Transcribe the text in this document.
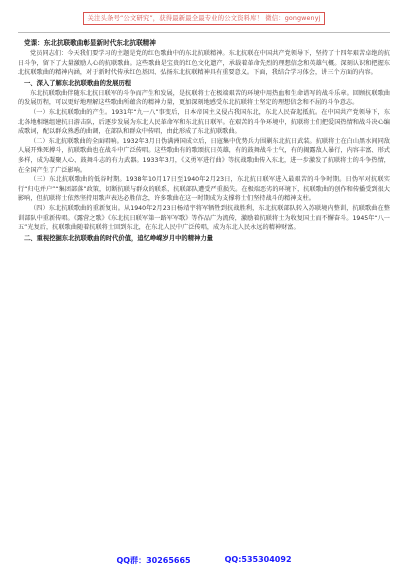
关注头条号“公文研究”，获得最新最全最专业的公文资料库！ 微信：gongwenyj
党课：东北抗联歌曲彰显新时代东北抗联精神

党员同志们：今天我们要学习的主题是党的红色歌曲中的东北抗联精神。东北抗联在中国共产党领导下，坚持了十四年艰苦卓绝的抗日斗争，留下了大量激励人心的抗联歌曲。这些歌曲是宝贵的红色文化遗产，承载着革命先烈的理想信念和英雄气概。深刻认识和把握东北抗联歌曲的精神内涵，对于新时代传承红色基因、弘扬东北抗联精神具有重要意义。下面，我结合学习体会，讲三个方面的内容。

一、深入了解东北抗联歌曲的发展历程

东北抗联歌曲伴随东北抗日联军的斗争而产生和发展，是抗联将士在极端艰苦的环境中用热血和生命谱写的战斗乐章。回顾抗联歌曲的发展历程，可以更好地理解这些歌曲所蕴含的精神力量，更加深刻地感受东北抗联将士坚定的理想信念和不屈的斗争意志。

（一）东北抗联歌曲的产生。1931年“九一八”事变后，日本帝国主义侵占我国东北，东北人民奋起抵抗。在中国共产党领导下，东北各地相继组建抗日游击队，后逐步发展为东北人民革命军和东北抗日联军。在艰苦的斗争环境中，抗联将士们把爱国热情和战斗决心编成歌词，配以群众熟悉的曲调，在部队和群众中传唱，由此形成了东北抗联歌曲。

（二）东北抗联歌曲的全面唱响。1932年3月日伪满洲国成立后，日寇集中优势兵力围剿东北抗日武装。抗联将士在白山黑水间同敌人展开殊死搏斗，抗联歌曲也在战斗中广泛传唱。这些歌曲有的歌颂抗日英雄，有的鼓舞战斗士气，有的揭露敌人暴行，内容丰富、形式多样，成为凝聚人心、鼓舞斗志的有力武器。1933年3月，《义勇军进行曲》等抗战歌曲传入东北，进一步激发了抗联将士的斗争热情，在全国产生了广泛影响。

（三）东北抗联歌曲的低谷时期。1938年10月17日至1940年2月23日，东北抗日联军进入最艰苦的斗争时期。日伪军对抗联实行“归屯并户”“集团部落”政策，切断抗联与群众的联系，抗联部队遭受严重损失。在极端恶劣的环境下，抗联歌曲的创作和传播受到很大影响，但抗联将士依然坚持用歌声表达必胜信念，许多歌曲在这一时期成为支撑将士们坚持战斗的精神支柱。

（四）东北抗联歌曲的重新复出。从1940年2月23日杨靖宇将军牺牲到抗战胜利，东北抗联部队转入苏联境内整训，抗联歌曲在整训部队中重新传唱。《露营之歌》《东北抗日联军第一路军军歌》等作品广为流传，激励着抗联将士为收复国土而不懈奋斗。1945年“八一五”光复后，抗联歌曲随着抗联将士回到东北，在东北人民中广泛传唱，成为东北人民永远的精神财富。

二、重视挖掘东北抗联歌曲的时代价值，追忆峥嵘岁月中的精神力量
QQ群：30265665	QQ:535304092
